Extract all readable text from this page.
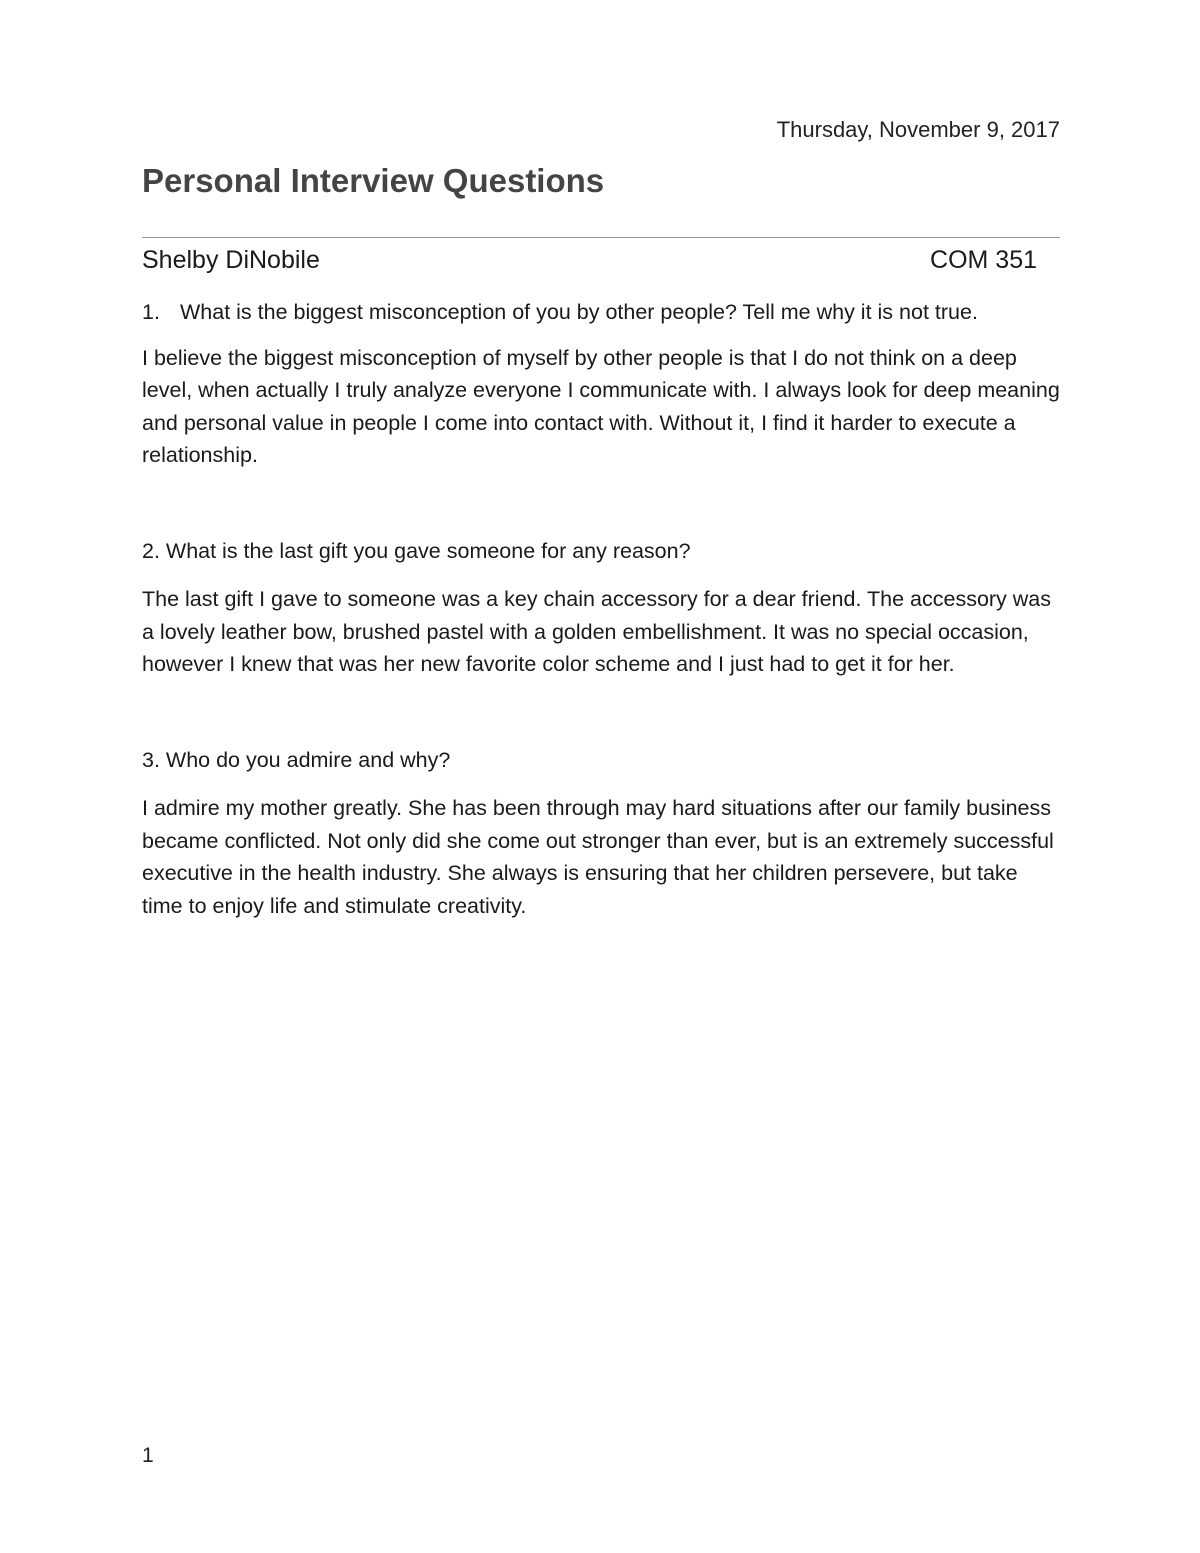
Thursday, November 9, 2017
Personal Interview Questions
Shelby DiNobile	COM 351

1. What is the biggest misconception of you by other people? Tell me why it is not true.

I believe the biggest misconception of myself by other people is that I do not think on a deep level, when actually I truly analyze everyone I communicate with. I always look for deep meaning and personal value in people I come into contact with. Without it, I find it harder to execute a relationship.

2. What is the last gift you gave someone for any reason?

The last gift I gave to someone was a key chain accessory for a dear friend. The accessory was a lovely leather bow, brushed pastel with a golden embellishment. It was no special occasion, however I knew that was her new favorite color scheme and I just had to get it for her.

3. Who do you admire and why?

I admire my mother greatly. She has been through may hard situations after our family business became conflicted. Not only did she come out stronger than ever, but is an extremely successful executive in the health industry. She always is ensuring that her children persevere, but take time to enjoy life and stimulate creativity.

1
